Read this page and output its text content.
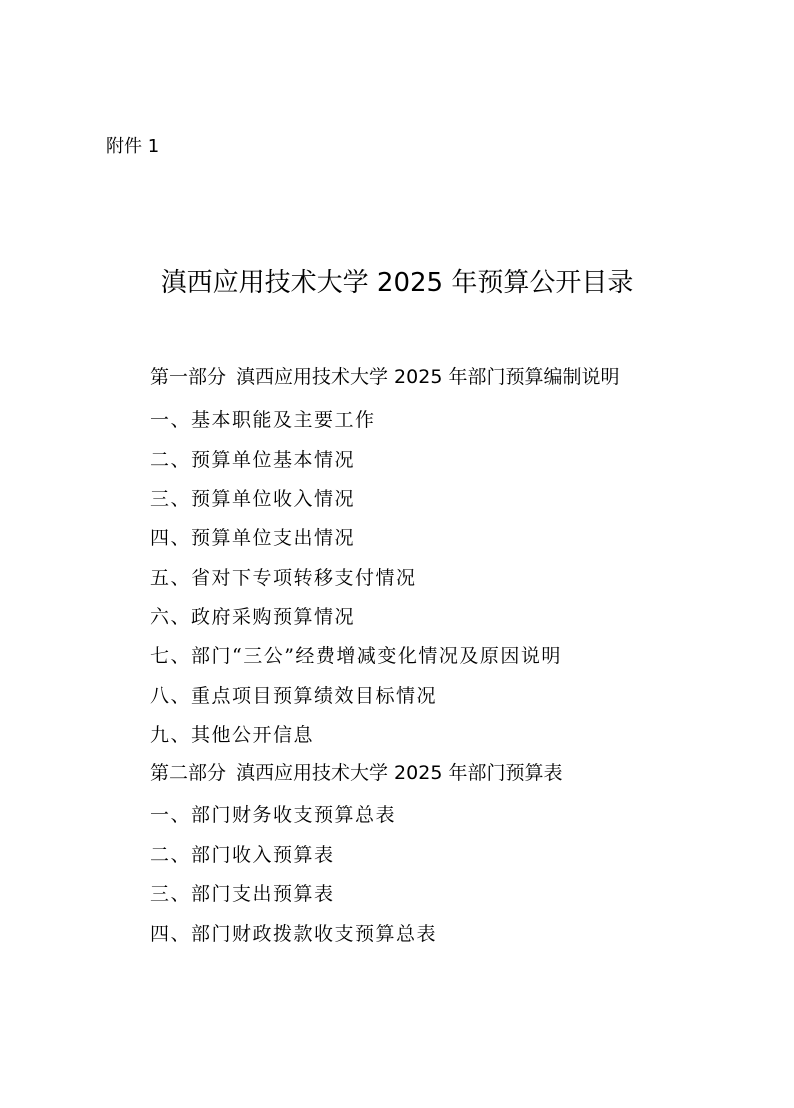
附件 1
滇西应用技术大学 2025 年预算公开目录
第一部分 滇西应用技术大学 2025 年部门预算编制说明
一、基本职能及主要工作
二、预算单位基本情况
三、预算单位收入情况
四、预算单位支出情况
五、省对下专项转移支付情况
六、政府采购预算情况
七、部门“三公”经费增减变化情况及原因说明
八、重点项目预算绩效目标情况
九、其他公开信息
第二部分 滇西应用技术大学 2025 年部门预算表
一、部门财务收支预算总表
二、部门收入预算表
三、部门支出预算表
四、部门财政拨款收支预算总表
